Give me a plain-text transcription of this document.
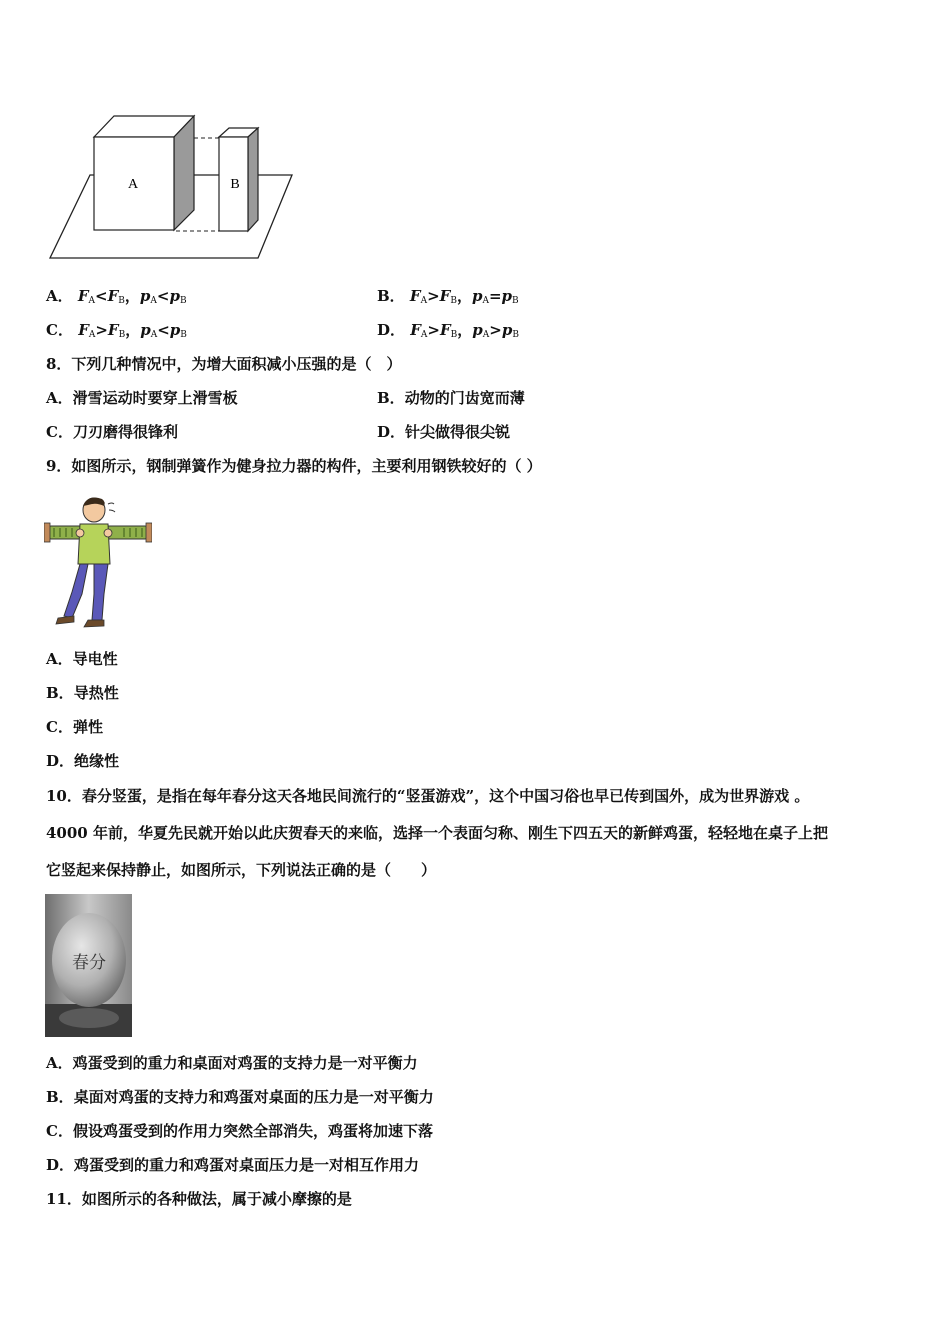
A	B
A． $F_A<F_B$，$p_A<p_B$	B． $F_A>F_B$，$p_A=p_B$
C． $F_A>F_B$，$p_A<p_B$	D． $F_A>F_B$，$p_A>p_B$
8．下列几种情况中，为增大面积减小压强的是（　）
A．滑雪运动时要穿上滑雪板	B．动物的门齿宽而薄
C．刀刃磨得很锋利	D．针尖做得很尖锐
9．如图所示，钢制弹簧作为健身拉力器的构件，主要利用钢铁较好的（ ）
A．导电性
B．导热性
C．弹性
D．绝缘性
10．春分竖蛋，是指在每年春分这天各地民间流行的“竖蛋游戏”，这个中国习俗也早已传到国外，成为世界游戏 。
4000 年前，华夏先民就开始以此庆贺春天的来临，选择一个表面匀称、刚生下四五天的新鲜鸡蛋，轻轻地在桌子上把
它竖起来保持静止，如图所示，下列说法正确的是（　　）
春分
A．鸡蛋受到的重力和桌面对鸡蛋的支持力是一对平衡力
B．桌面对鸡蛋的支持力和鸡蛋对桌面的压力是一对平衡力
C．假设鸡蛋受到的作用力突然全部消失，鸡蛋将加速下落
D．鸡蛋受到的重力和鸡蛋对桌面压力是一对相互作用力
11．如图所示的各种做法，属于减小摩擦的是
